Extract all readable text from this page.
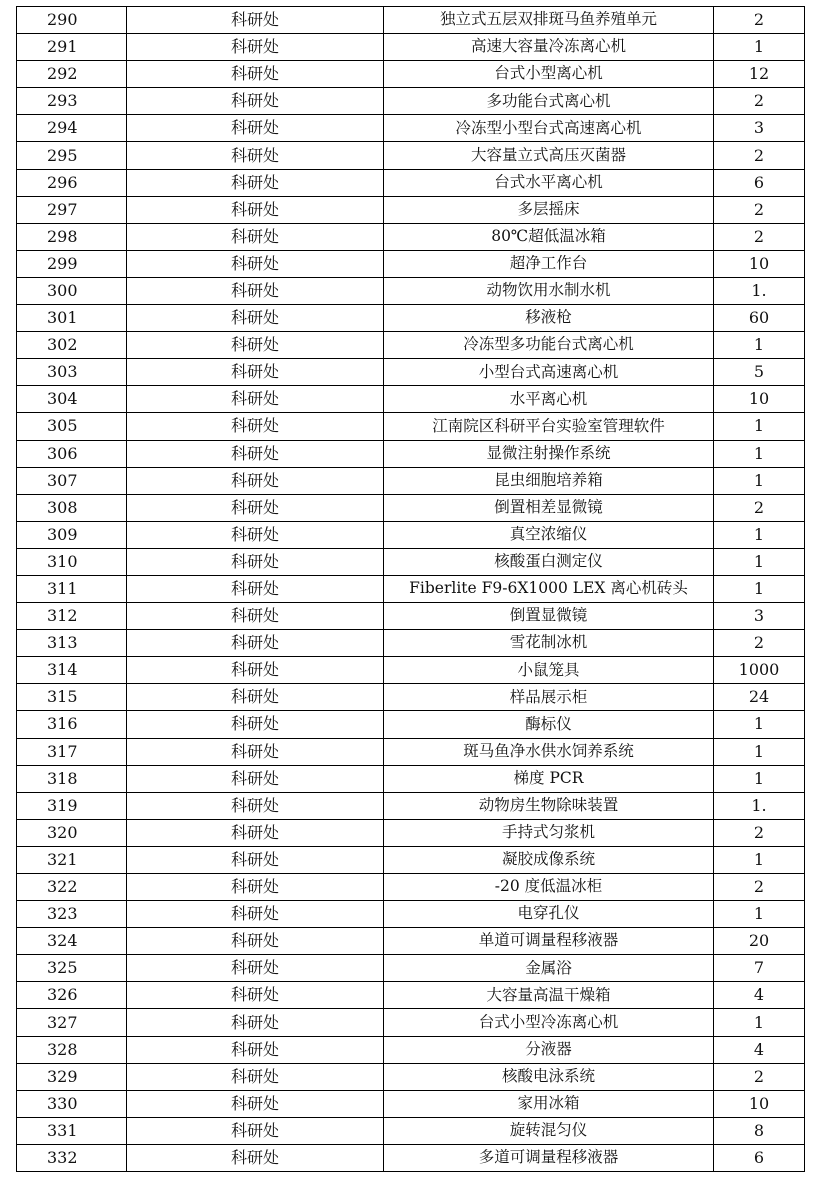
290	科研处	独立式五层双排斑马鱼养殖单元	2
291	科研处	高速大容量冷冻离心机	1
292	科研处	台式小型离心机	12
293	科研处	多功能台式离心机	2
294	科研处	冷冻型小型台式高速离心机	3
295	科研处	大容量立式高压灭菌器	2
296	科研处	台式水平离心机	6
297	科研处	多层摇床	2
298	科研处	80℃超低温冰箱	2
299	科研处	超净工作台	10
300	科研处	动物饮用水制水机	1.
301	科研处	移液枪	60
302	科研处	冷冻型多功能台式离心机	1
303	科研处	小型台式高速离心机	5
304	科研处	水平离心机	10
305	科研处	江南院区科研平台实验室管理软件	1
306	科研处	显微注射操作系统	1
307	科研处	昆虫细胞培养箱	1
308	科研处	倒置相差显微镜	2
309	科研处	真空浓缩仪	1
310	科研处	核酸蛋白测定仪	1
311	科研处	Fiberlite F9-6X1000 LEX 离心机砖头	1
312	科研处	倒置显微镜	3
313	科研处	雪花制冰机	2
314	科研处	小鼠笼具	1000
315	科研处	样品展示柜	24
316	科研处	酶标仪	1
317	科研处	斑马鱼净水供水饲养系统	1
318	科研处	梯度 PCR	1
319	科研处	动物房生物除味装置	1.
320	科研处	手持式匀浆机	2
321	科研处	凝胶成像系统	1
322	科研处	-20 度低温冰柜	2
323	科研处	电穿孔仪	1
324	科研处	单道可调量程移液器	20
325	科研处	金属浴	7
326	科研处	大容量高温干燥箱	4
327	科研处	台式小型冷冻离心机	1
328	科研处	分液器	4
329	科研处	核酸电泳系统	2
330	科研处	家用冰箱	10
331	科研处	旋转混匀仪	8
332	科研处	多道可调量程移液器	6
